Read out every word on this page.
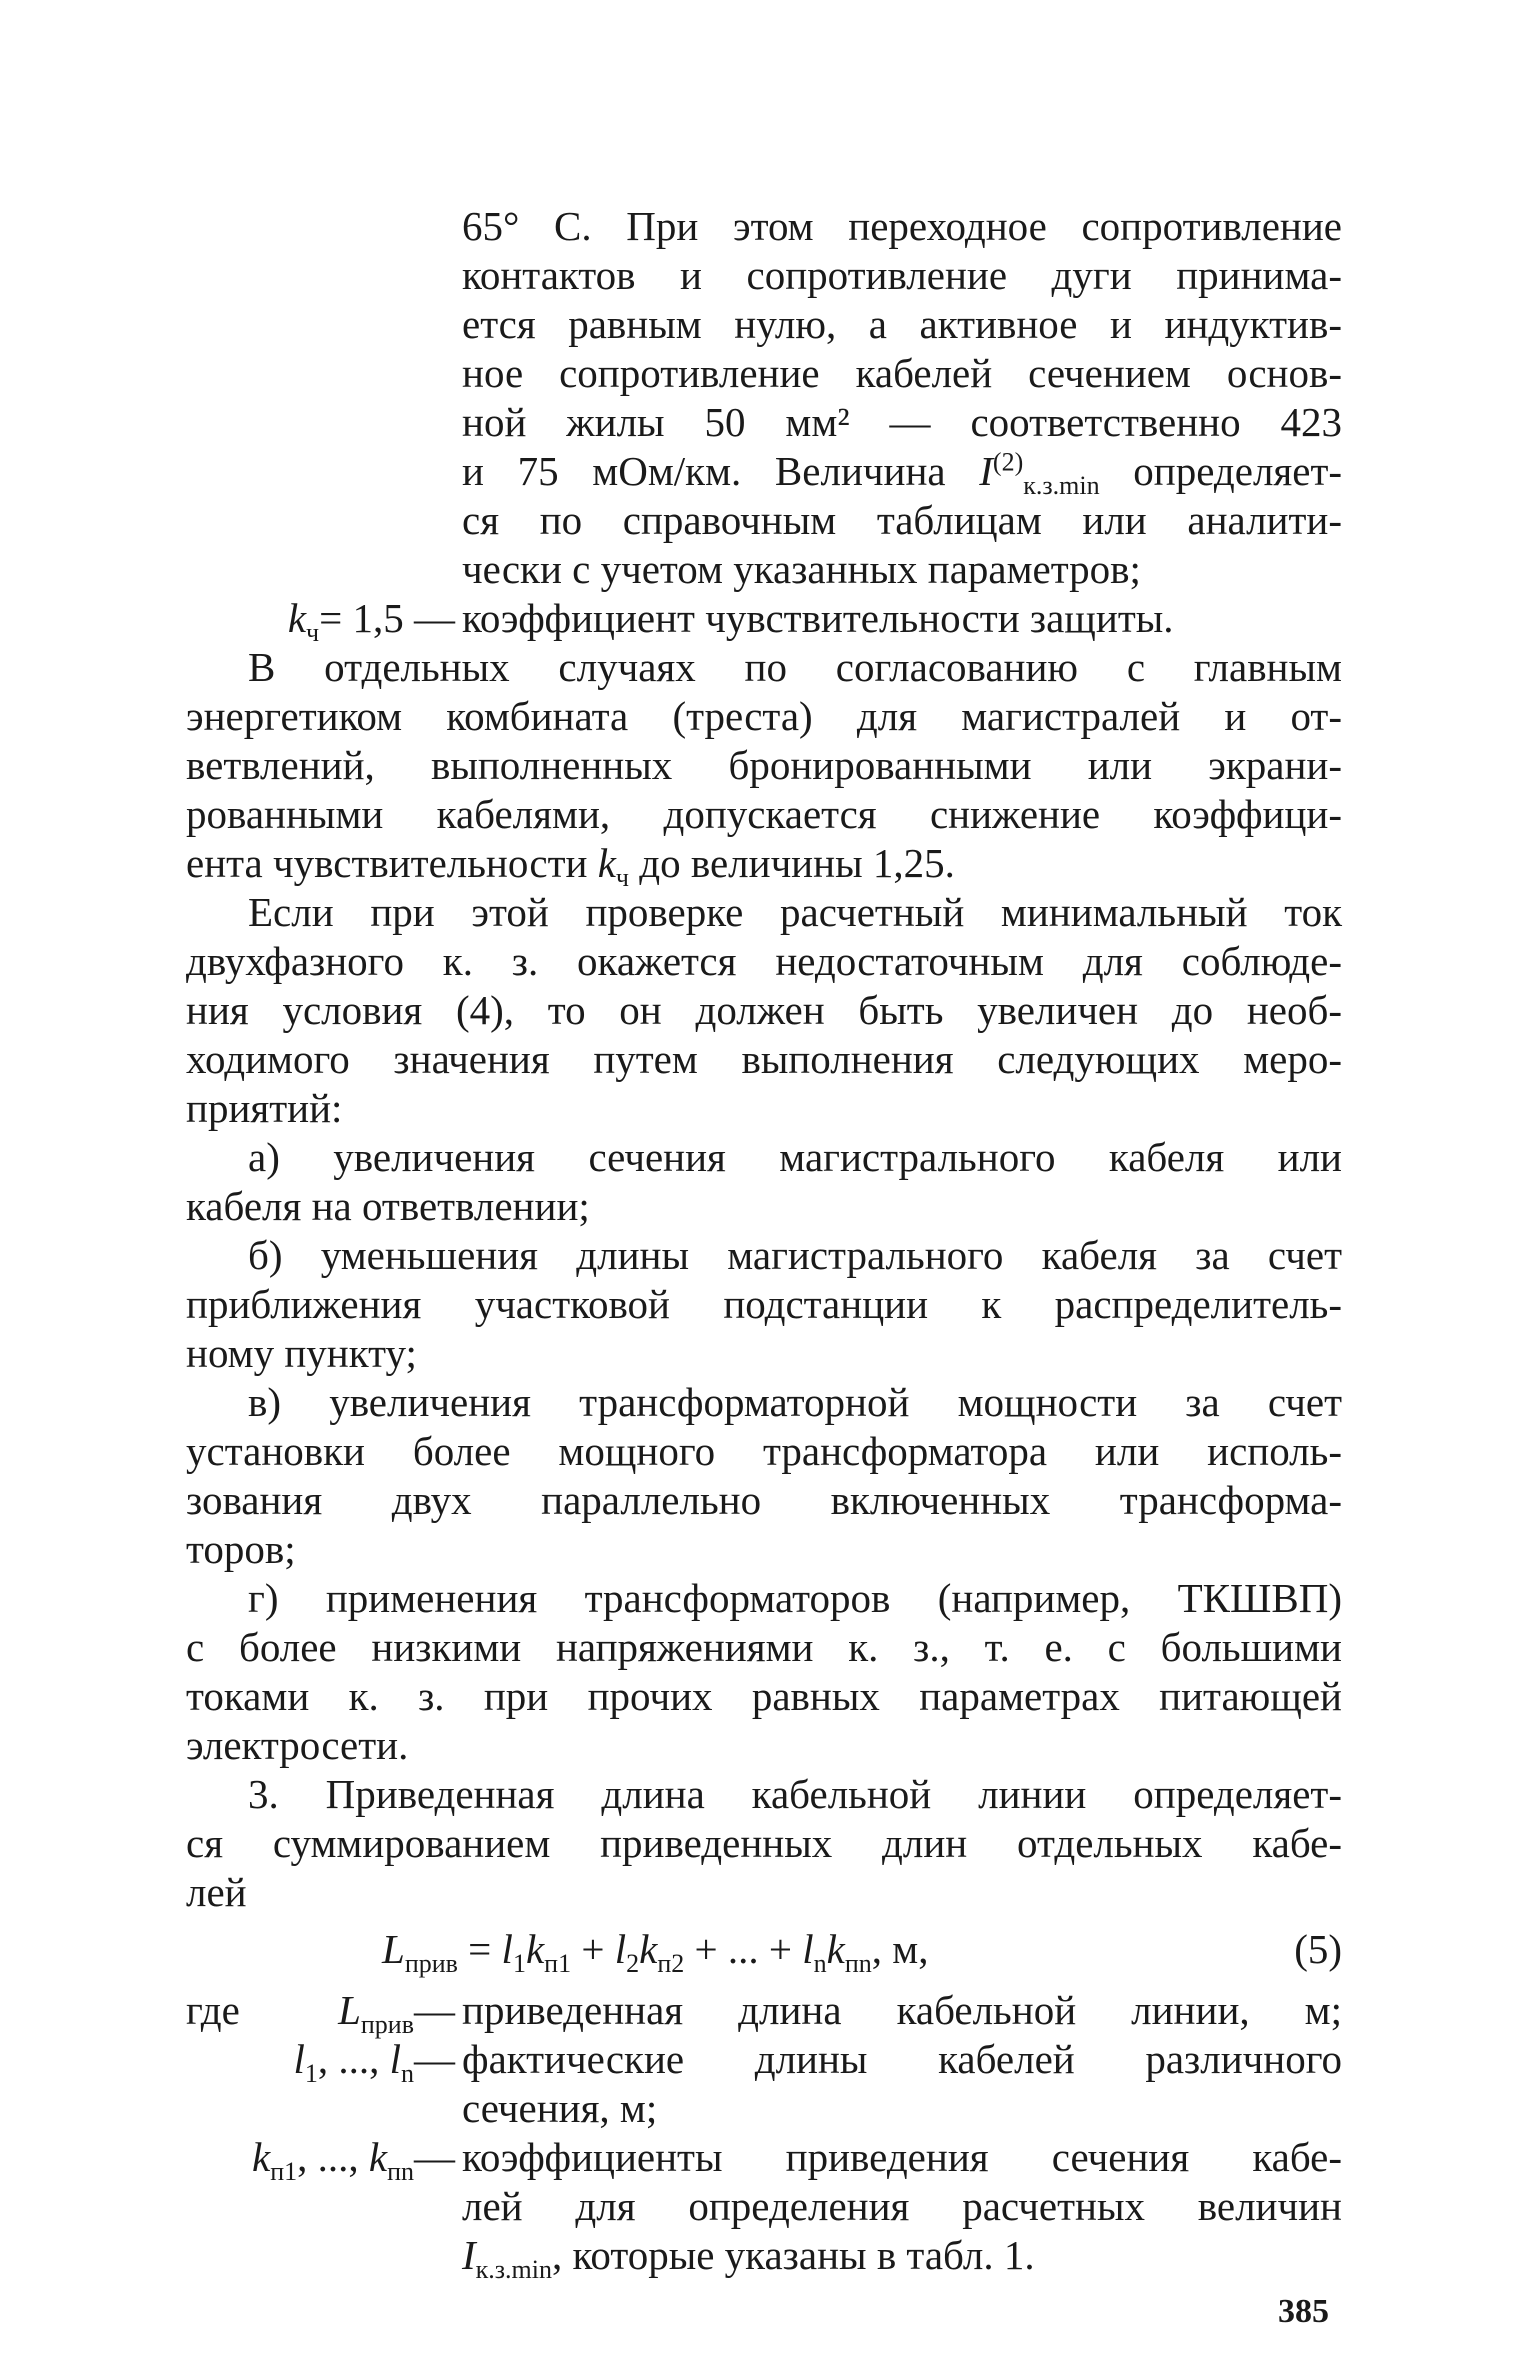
65° С. При этом переходное сопротивление
контактов и сопротивление дуги принима-
ется равным нулю, а активное и индуктив-
ное сопротивление кабелей сечением основ-
ной жилы 50 мм² — соответственно 423
и 75 мОм/км. Величина $I^{(2)}_{к.з.min}$ определяет-
ся по справочным таблицам или аналити-
чески с учетом указанных параметров;
$k_ч= 1,5$ — коэффициент чувствительности защиты.
В отдельных случаях по согласованию с главным
энергетиком комбината (треста) для магистралей и от-
ветвлений, выполненных бронированными или экрани-
рованными кабелями, допускается снижение коэффици-
ента чувствительности $k_ч$ до величины 1,25.
Если при этой проверке расчетный минимальный ток
двухфазного к. з. окажется недостаточным для соблюде-
ния условия (4), то он должен быть увеличен до необ-
ходимого значения путем выполнения следующих меро-
приятий:
а) увеличения сечения магистрального кабеля или
кабеля на ответвлении;
б) уменьшения длины магистрального кабеля за счет
приближения участковой подстанции к распределитель-
ному пункту;
в) увеличения трансформаторной мощности за счет
установки более мощного трансформатора или исполь-
зования двух параллельно включенных трансформа-
торов;
г) применения трансформаторов (например, ТКШВП)
с более низкими напряжениями к. з., т. е. с большими
токами к. з. при прочих равных параметрах питающей
электросети.
3. Приведенная длина кабельной линии определяет-
ся суммированием приведенных длин отдельных кабе-
лей
$L_{прив} = l_1k_{п1} + l_2k_{п2}$ + ... + $l_nk_{пn}$, м,	(5)
где	$L_{прив}—$ приведенная длина кабельной линии, м;
$l_1$, ..., $l_n—$ фактические длины кабелей различного
сечения, м;
$k_{п1}$, ..., $k_{пn}—$ коэффициенты приведения сечения кабе-
лей для определения расчетных величин
$I_{к.з.min}$, которые указаны в табл. 1.
385
